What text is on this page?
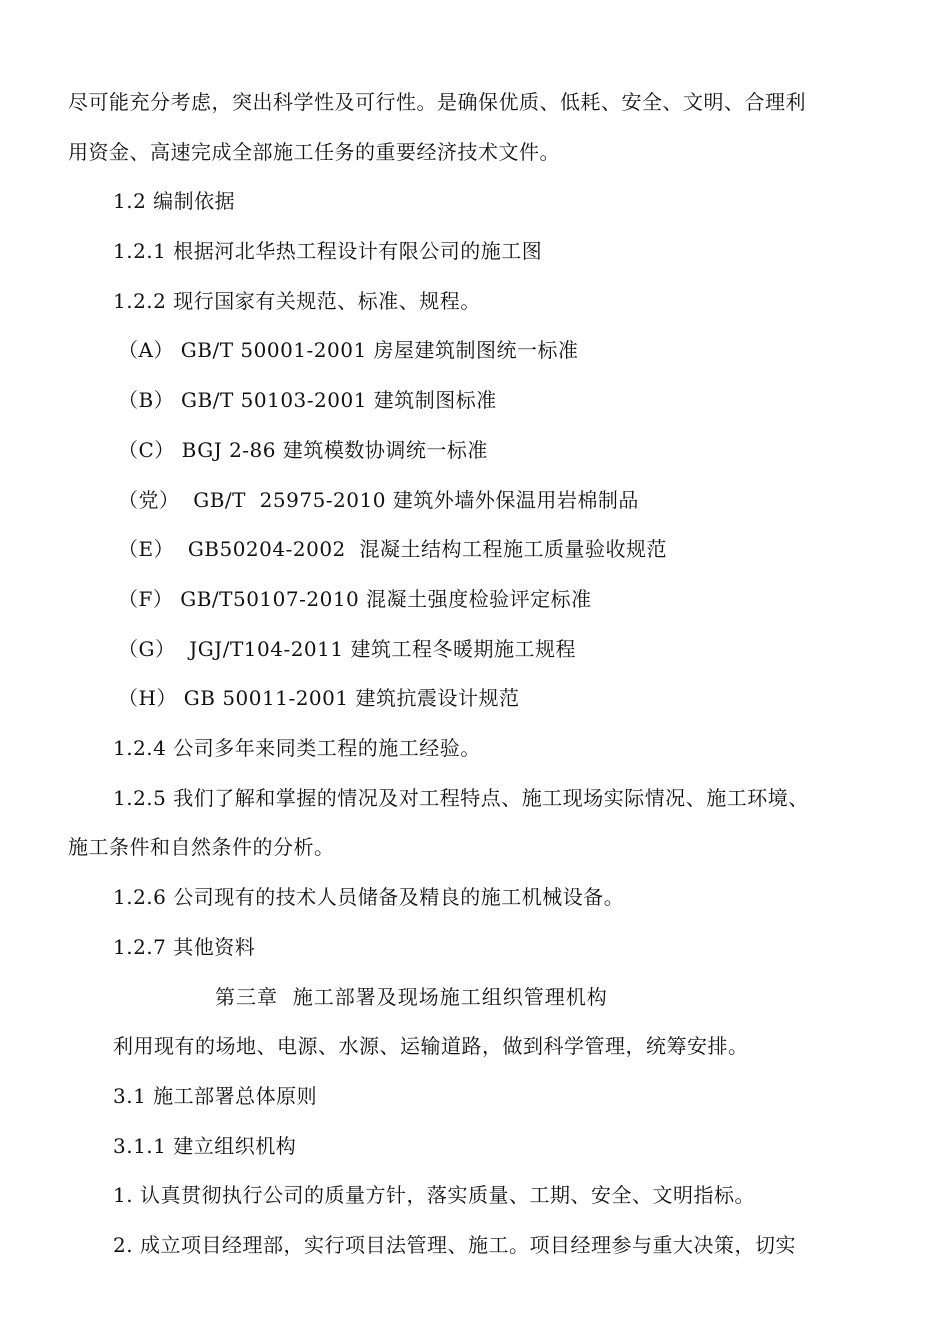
尽可能充分考虑，突出科学性及可行性。是确保优质、低耗、安全、文明、合理利
用资金、高速完成全部施工任务的重要经济技术文件。
1.2 编制依据
1.2.1 根据河北华热工程设计有限公司的施工图
1.2.2 现行国家有关规范、标准、规程。
（A） GB/T 50001-2001 房屋建筑制图统一标准
（B） GB/T 50103-2001 建筑制图标准
（C） BGJ 2-86 建筑模数协调统一标准
（党）  GB/T  25975-2010 建筑外墙外保温用岩棉制品
（E）  GB50204-2002  混凝土结构工程施工质量验收规范
（F） GB/T50107-2010 混凝土强度检验评定标准
（G）  JGJ/T104-2011 建筑工程冬暖期施工规程
（H） GB 50011-2001 建筑抗震设计规范
1.2.4 公司多年来同类工程的施工经验。
1.2.5 我们了解和掌握的情况及对工程特点、施工现场实际情况、施工环境、
施工条件和自然条件的分析。
1.2.6 公司现有的技术人员储备及精良的施工机械设备。
1.2.7 其他资料
第三章  施工部署及现场施工组织管理机构
利用现有的场地、电源、水源、运输道路，做到科学管理，统筹安排。
3.1 施工部署总体原则
3.1.1 建立组织机构
1. 认真贯彻执行公司的质量方针，落实质量、工期、安全、文明指标。
2. 成立项目经理部，实行项目法管理、施工。项目经理参与重大决策，切实
